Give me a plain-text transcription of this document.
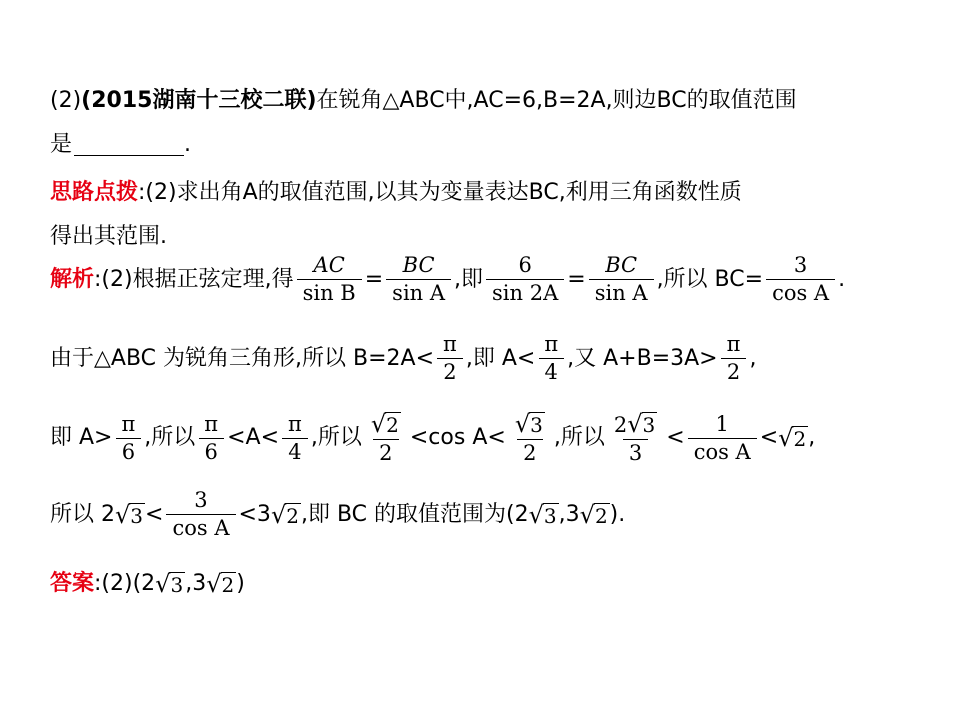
(2) (2015湖南十三校二联) 在锐角△ABC中,AC=6,B=2A,则边BC的取值范围
是	.
思路点拨 :(2)求出角A的取值范围,以其为变量表达BC,利用三角函数性质
得出其范围.
解析 :(2)根据正弦定理,得 $\frac{AC}{\text{sin B}} = \frac{BC}{\text{sin A}}$ ,即 $\frac{6}{\sin 2A} = \frac{BC}{\text{sin A}}$ ,所以 $BC= \frac{3}{\text{cos A}}$ .
由于△ABC 为锐角三角形,所以 $B=2A< \frac{\pi}{2}$ ,即 $A< \frac{\pi}{4}$ ,又 $A+B=3A> \frac{\pi}{2}$ ,
即 $A> \frac{\pi}{6}$ ,所以 $\frac{\pi}{6} <A< \frac{\pi}{4}$ ,所以 $\frac{√ 2}{2} <\cos$ $A< \frac{√ 3}{2}$ ,所以 $\frac{2 √ 3}{3} < \frac{1}{\text{cos A}}$ < √ 2 ,
所以 2 √ $3 < \frac{3}{\text{cos A}} <3$ √ 2 ,即 BC 的取值范围为(2 √ 3 ,3 √ 2 ).
答案 :(2)(2 √ 3 ,3 √ 2 )
